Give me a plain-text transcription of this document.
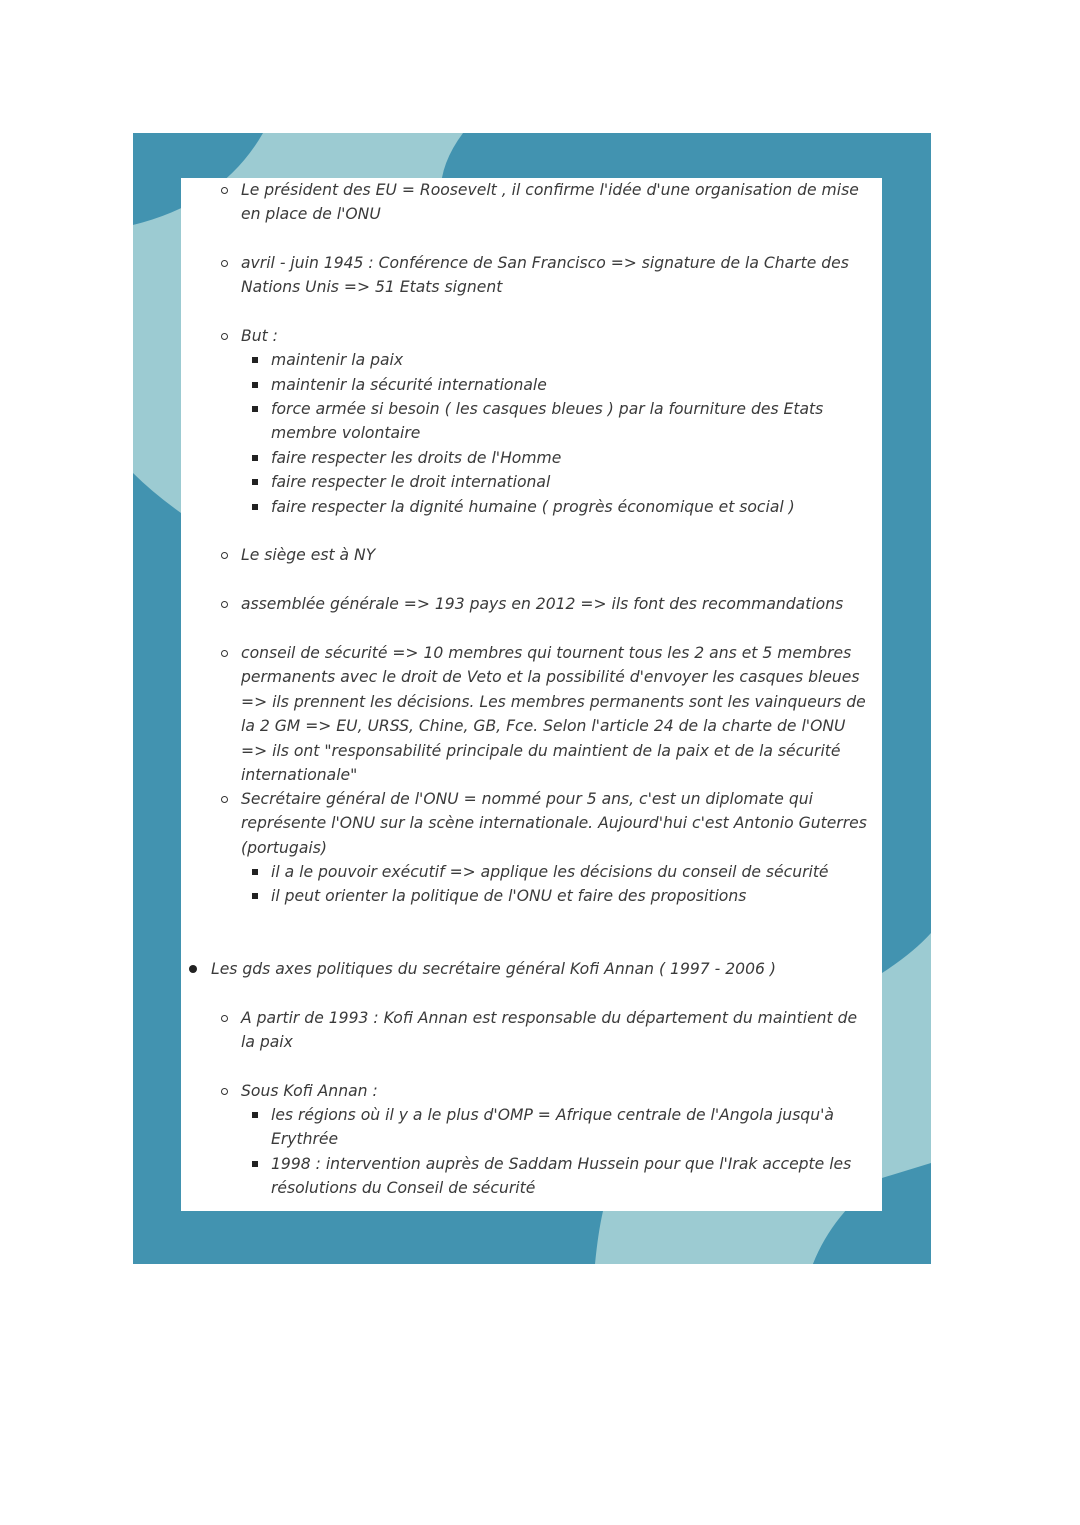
Le président des EU = Roosevelt , il confirme l'idée d'une organisation de mise en place de l'ONU
avril - juin 1945 : Conférence de San Francisco => signature de la Charte des Nations Unis => 51 Etats signent
But :
maintenir la paix
maintenir la sécurité internationale
force armée si besoin ( les casques bleues ) par la fourniture des Etats membre volontaire
faire respecter les droits de l'Homme
faire respecter le droit international
faire respecter la dignité humaine ( progrès économique et social )
Le siège est à NY
assemblée générale => 193 pays en 2012 => ils font des recommandations
conseil de sécurité => 10 membres qui tournent tous les 2 ans et 5 membres permanents avec le droit de Veto et la possibilité d'envoyer les casques bleues => ils prennent les décisions. Les membres permanents sont les vainqueurs de la 2 GM => EU, URSS, Chine, GB, Fce. Selon l'article 24 de la charte de l'ONU => ils ont "responsabilité principale du maintient de la paix et de la sécurité internationale"
Secrétaire général de l'ONU = nommé pour 5 ans, c'est un diplomate qui représente l'ONU sur la scène internationale. Aujourd'hui c'est Antonio Guterres (portugais)
il a le pouvoir exécutif => applique les décisions du conseil de sécurité
il peut orienter la politique de l'ONU et faire des propositions
Les gds axes politiques du secrétaire général Kofi Annan ( 1997 - 2006 )
A partir de 1993 : Kofi Annan est responsable du département du maintient de la paix
Sous Kofi Annan :
les régions où il y a le plus d'OMP = Afrique centrale de l'Angola jusqu'à Erythrée
1998 : intervention auprès de Saddam Hussein pour que l'Irak accepte les résolutions du Conseil de sécurité
